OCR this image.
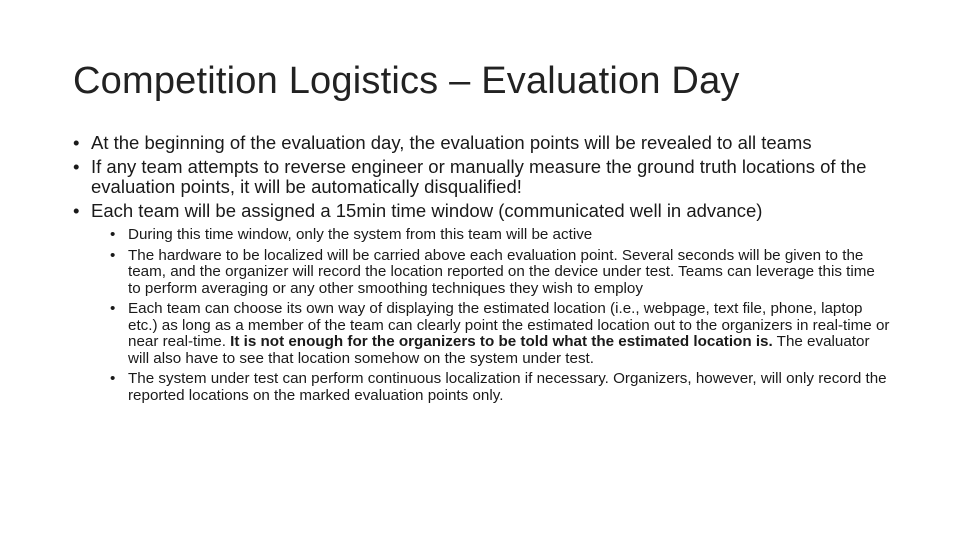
Competition Logistics – Evaluation Day
• At the beginning of the evaluation day, the evaluation points will be revealed to all teams
• If any team attempts to reverse engineer or manually measure the ground truth locations of the evaluation points, it will be automatically disqualified!
• Each team will be assigned a 15min time window (communicated well in advance)
• During this time window, only the system from this team will be active
• The hardware to be localized will be carried above each evaluation point. Several seconds will be given to the team, and the organizer will record the location reported on the device under test. Teams can leverage this time to perform averaging or any other smoothing techniques they wish to employ
• Each team can choose its own way of displaying the estimated location (i.e., webpage, text file, phone, laptop etc.) as long as a member of the team can clearly point the estimated location out to the organizers in real-time or near real-time. It is not enough for the organizers to be told what the estimated location is. The evaluator will also have to see that location somehow on the system under test.
• The system under test can perform continuous localization if necessary. Organizers, however, will only record the reported locations on the marked evaluation points only.
